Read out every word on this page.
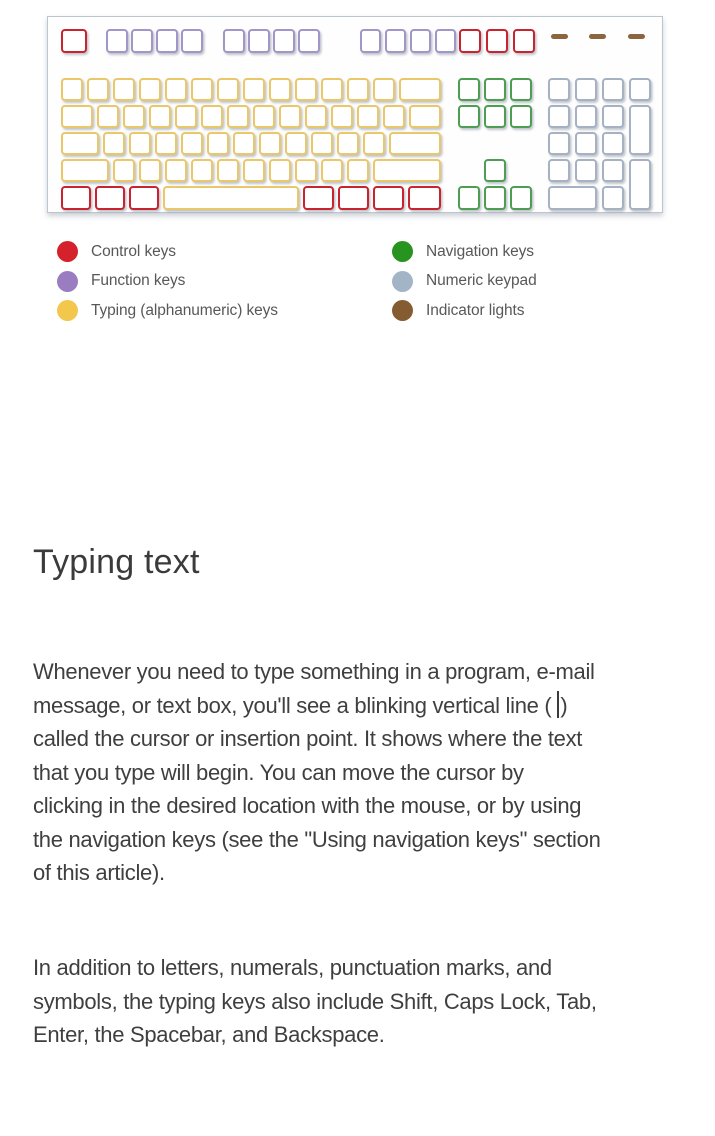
Control keys
Function keys
Typing (alphanumeric) keys
Navigation keys
Numeric keypad
Indicator lights
Typing text
Whenever you need to type something in a program, e-mail
message, or text box, you'll see a blinking vertical line ( )
called the cursor or insertion point. It shows where the text
that you type will begin. You can move the cursor by
clicking in the desired location with the mouse, or by using
the navigation keys (see the "Using navigation keys" section
of this article).
In addition to letters, numerals, punctuation marks, and
symbols, the typing keys also include Shift, Caps Lock, Tab,
Enter, the Spacebar, and Backspace.
